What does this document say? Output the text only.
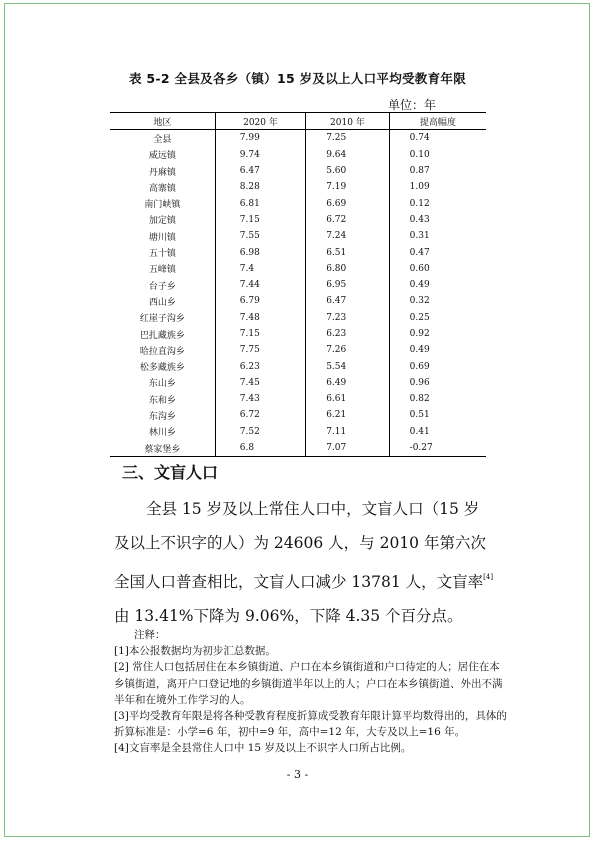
表 5-2 全县及各乡（镇）15 岁及以上人口平均受教育年限
单位：年
地区	2020 年	2010 年	提高幅度
全县	7.99	7.25	0.74
威远镇	9.74	9.64	0.10
丹麻镇	6.47	5.60	0.87
高寨镇	8.28	7.19	1.09
南门峡镇	6.81	6.69	0.12
加定镇	7.15	6.72	0.43
塘川镇	7.55	7.24	0.31
五十镇	6.98	6.51	0.47
五峰镇	7.4	6.80	0.60
台子乡	7.44	6.95	0.49
西山乡	6.79	6.47	0.32
红崖子沟乡	7.48	7.23	0.25
巴扎藏族乡	7.15	6.23	0.92
哈拉直沟乡	7.75	7.26	0.49
松多藏族乡	6.23	5.54	0.69
东山乡	7.45	6.49	0.96
东和乡	7.43	6.61	0.82
东沟乡	6.72	6.21	0.51
林川乡	7.52	7.11	0.41
蔡家堡乡	6.8	7.07	-0.27
三、文盲人口
全县 15 岁及以上常住人口中，文盲人口（15 岁及以上不识字的人）为 24606 人，与 2010 年第六次全国人口普查相比，文盲人口减少 13781 人，文盲率[4]由 13.41%下降为 9.06%，下降 4.35 个百分点。
注释：
[1]本公报数据均为初步汇总数据。
[2] 常住人口包括居住在本乡镇街道、户口在本乡镇街道和户口待定的人；居住在本乡镇街道，离开户口登记地的乡镇街道半年以上的人；户口在本乡镇街道、外出不满半年和在境外工作学习的人。
[3]平均受教育年限是将各种受教育程度折算成受教育年限计算平均数得出的，具体的折算标准是：小学=6 年，初中=9 年，高中=12 年，大专及以上=16 年。
[4]文盲率是全县常住人口中 15 岁及以上不识字人口所占比例。
- 3 -
